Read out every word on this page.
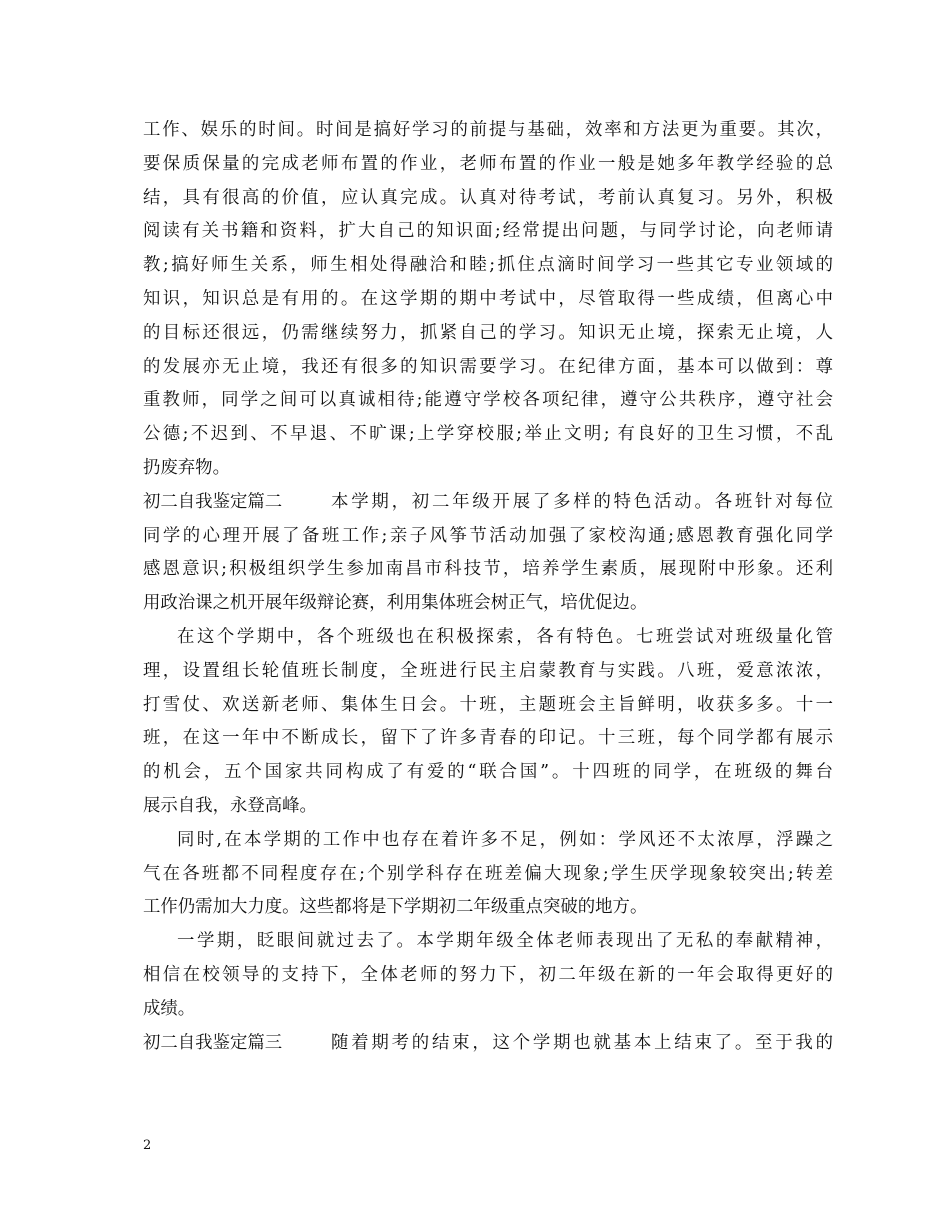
工作、娱乐的时间。时间是搞好学习的前提与基础，效率和方法更为重要。其次，
要保质保量的完成老师布置的作业，老师布置的作业一般是她多年教学经验的总
结，具有很高的价值，应认真完成。认真对待考试，考前认真复习。另外，积极
阅读有关书籍和资料，扩大自己的知识面;经常提出问题，与同学讨论，向老师请
教;搞好师生关系，师生相处得融洽和睦;抓住点滴时间学习一些其它专业领域的
知识，知识总是有用的。在这学期的期中考试中，尽管取得一些成绩，但离心中
的目标还很远，仍需继续努力，抓紧自己的学习。知识无止境，探索无止境，人
的发展亦无止境，我还有很多的知识需要学习。在纪律方面，基本可以做到：尊
重教师，同学之间可以真诚相待;能遵守学校各项纪律，遵守公共秩序，遵守社会
公德;不迟到、不早退、不旷课;上学穿校服;举止文明; 有良好的卫生习惯，不乱
扔废弃物。
初二自我鉴定篇二	本学期，初二年级开展了多样的特色活动。各班针对每位
同学的心理开展了备班工作;亲子风筝节活动加强了家校沟通;感恩教育强化同学
感恩意识;积极组织学生参加南昌市科技节，培养学生素质，展现附中形象。还利
用政治课之机开展年级辩论赛，利用集体班会树正气，培优促边。
在这个学期中，各个班级也在积极探索，各有特色。七班尝试对班级量化管
理，设置组长轮值班长制度，全班进行民主启蒙教育与实践。八班，爱意浓浓，
打雪仗、欢送新老师、集体生日会。十班，主题班会主旨鲜明，收获多多。十一
班，在这一年中不断成长，留下了许多青春的印记。十三班，每个同学都有展示
的机会，五个国家共同构成了有爱的“联合国”。十四班的同学，在班级的舞台
展示自我，永登高峰。
同时,在本学期的工作中也存在着许多不足，例如：学风还不太浓厚，浮躁之
气在各班都不同程度存在;个别学科存在班差偏大现象;学生厌学现象较突出;转差
工作仍需加大力度。这些都将是下学期初二年级重点突破的地方。
一学期，眨眼间就过去了。本学期年级全体老师表现出了无私的奉献精神，
相信在校领导的支持下，全体老师的努力下，初二年级在新的一年会取得更好的
成绩。
初二自我鉴定篇三	随着期考的结束，这个学期也就基本上结束了。至于我的
2
